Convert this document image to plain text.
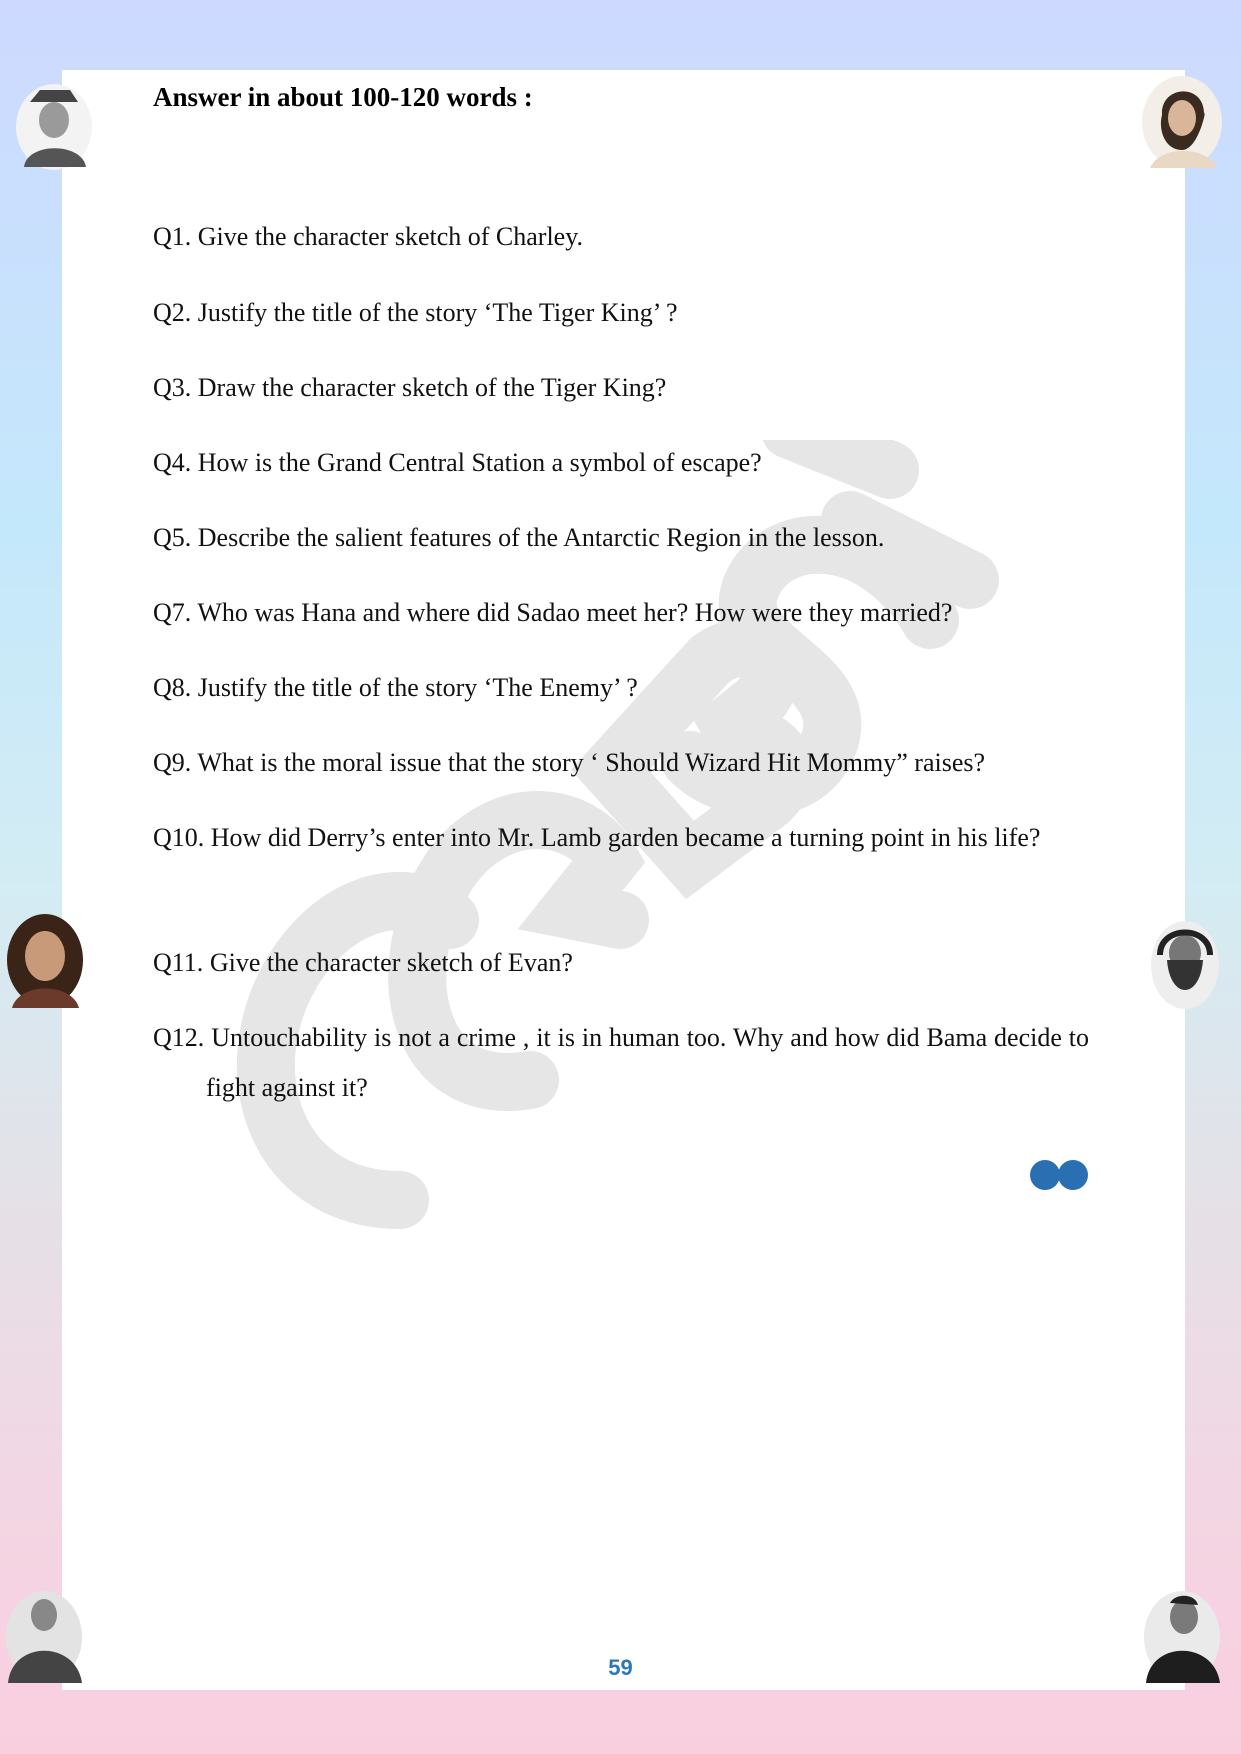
Answer in about 100-120 words :
Q1. Give the character sketch of Charley.
Q2. Justify the title of the story ‘The Tiger King’ ?
Q3. Draw the character sketch of the Tiger King?
Q4. How is the Grand Central Station a symbol of escape?
Q5. Describe the salient features of the Antarctic Region in the lesson.
Q7. Who was Hana and where did Sadao meet her? How were they married?
Q8. Justify the title of the story ‘The Enemy’ ?
Q9. What is the moral issue that the story ‘ Should Wizard Hit Mommy” raises?
Q10. How did Derry’s enter into Mr. Lamb garden became a turning point in his life?
Q11. Give the character sketch of Evan?
Q12. Untouchability is not a crime , it is in human too. Why and how did Bama decide to fight against it?
59
